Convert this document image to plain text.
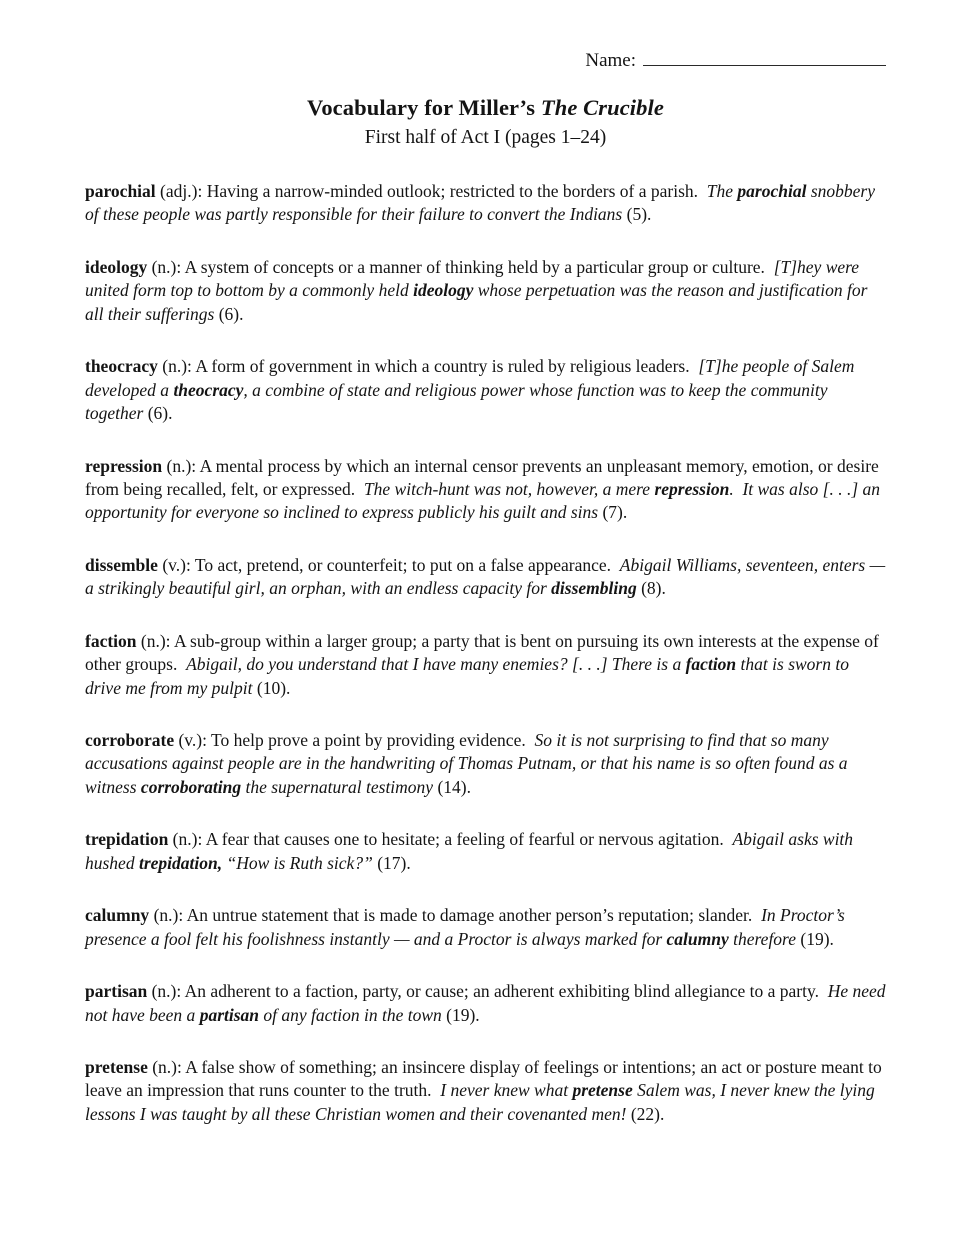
Name:
Vocabulary for Miller’s The Crucible
First half of Act I (pages 1–24)

parochial (adj.): Having a narrow-minded outlook; restricted to the borders of a parish.  The parochial snobbery of these people was partly responsible for their failure to convert the Indians (5).

ideology (n.): A system of concepts or a manner of thinking held by a particular group or culture.  [T]hey were united form top to bottom by a commonly held ideology whose perpetuation was the reason and justification for all their sufferings (6).

theocracy (n.): A form of government in which a country is ruled by religious leaders.  [T]he people of Salem developed a theocracy, a combine of state and religious power whose function was to keep the community together (6).

repression (n.): A mental process by which an internal censor prevents an unpleasant memory, emotion, or desire from being recalled, felt, or expressed.  The witch-hunt was not, however, a mere repression.  It was also [. . .] an opportunity for everyone so inclined to express publicly his guilt and sins (7).

dissemble (v.): To act, pretend, or counterfeit; to put on a false appearance.  Abigail Williams, seventeen, enters — a strikingly beautiful girl, an orphan, with an endless capacity for dissembling (8).

faction (n.): A sub-group within a larger group; a party that is bent on pursuing its own interests at the expense of other groups.  Abigail, do you understand that I have many enemies? [. . .] There is a faction that is sworn to drive me from my pulpit (10).

corroborate (v.): To help prove a point by providing evidence.  So it is not surprising to find that so many accusations against people are in the handwriting of Thomas Putnam, or that his name is so often found as a witness corroborating the supernatural testimony (14).

trepidation (n.): A fear that causes one to hesitate; a feeling of fearful or nervous agitation.  Abigail asks with hushed trepidation, “How is Ruth sick?” (17).

calumny (n.): An untrue statement that is made to damage another person’s reputation; slander.  In Proctor’s presence a fool felt his foolishness instantly — and a Proctor is always marked for calumny therefore (19).

partisan (n.): An adherent to a faction, party, or cause; an adherent exhibiting blind allegiance to a party.  He need not have been a partisan of any faction in the town (19).

pretense (n.): A false show of something; an insincere display of feelings or intentions; an act or posture meant to leave an impression that runs counter to the truth.  I never knew what pretense Salem was, I never knew the lying lessons I was taught by all these Christian women and their covenanted men! (22).
